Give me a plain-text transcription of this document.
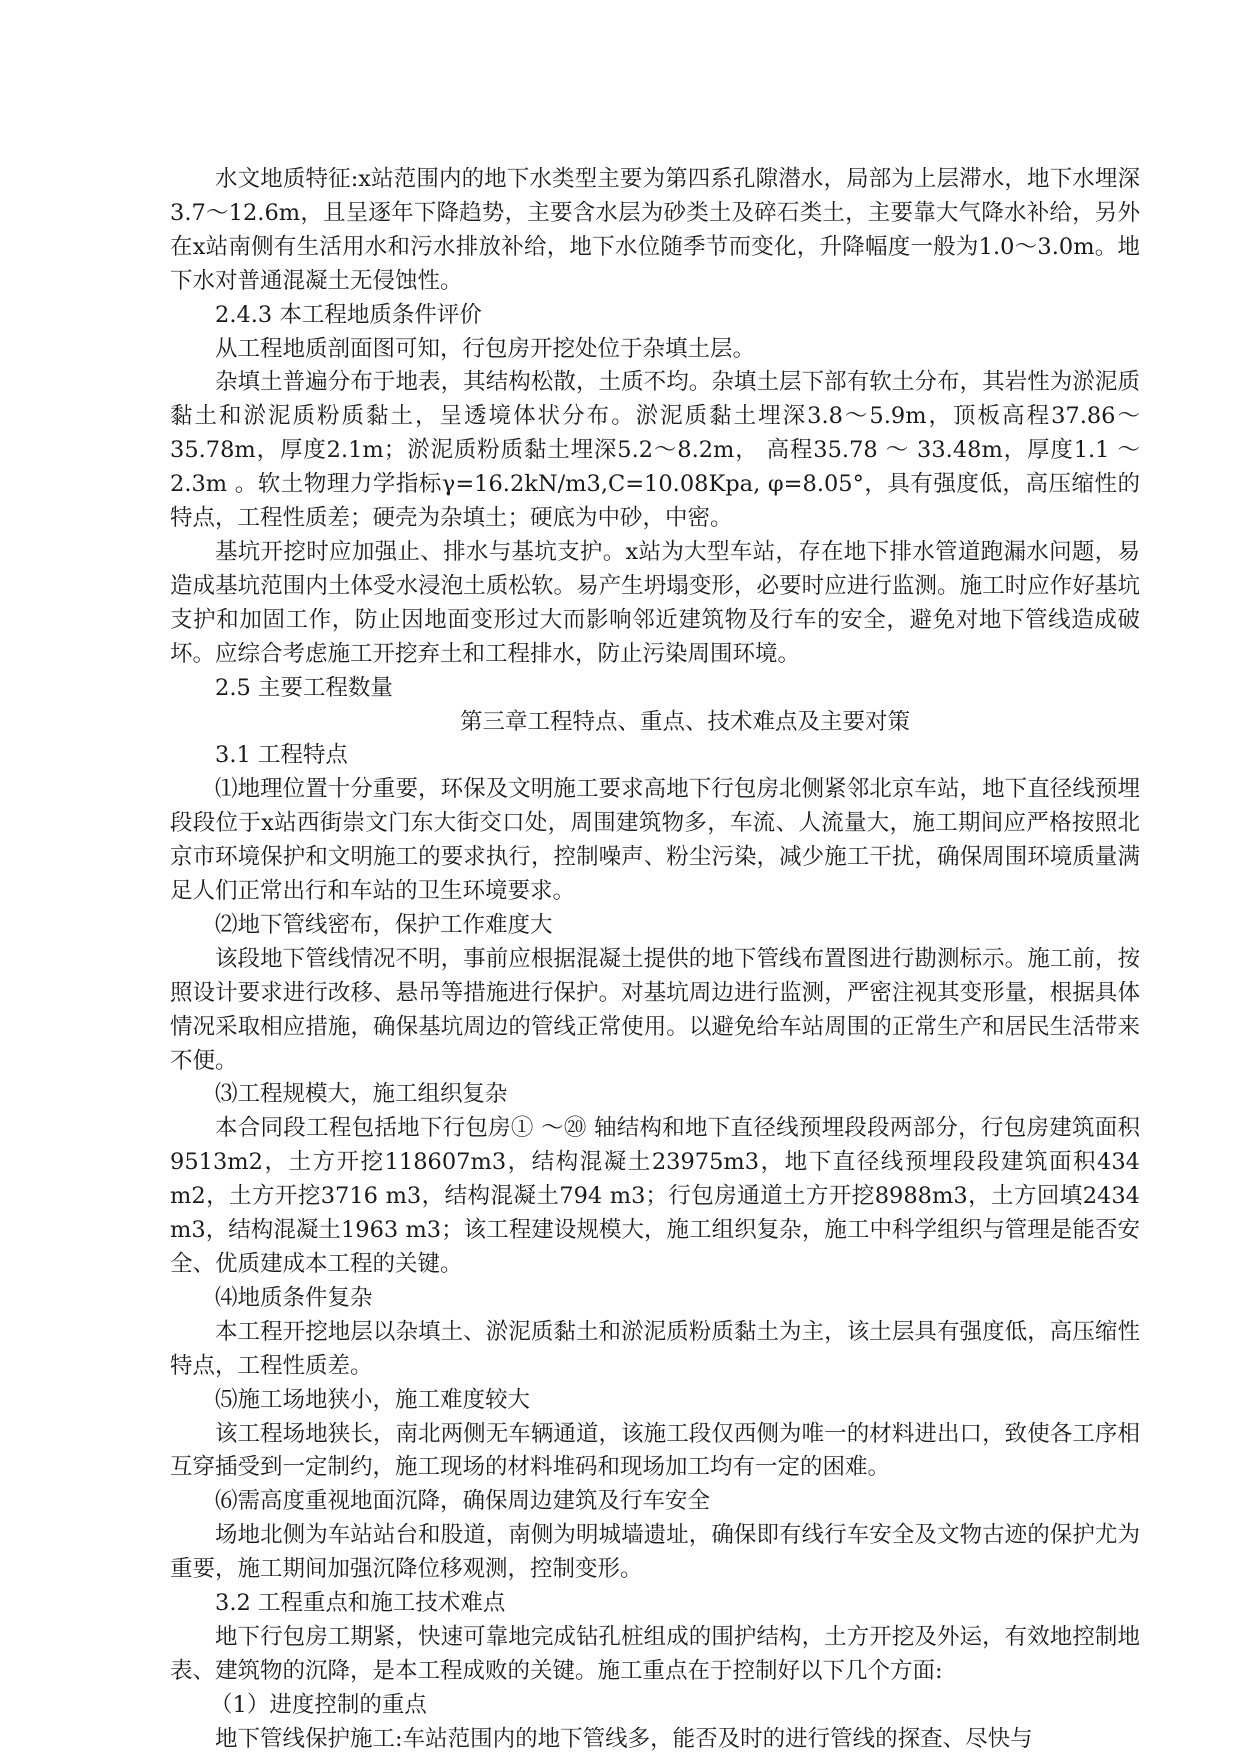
水文地质特征:x站范围内的地下水类型主要为第四系孔隙潜水，局部为上层滞水，地下水埋深3.7～12.6m，且呈逐年下降趋势，主要含水层为砂类土及碎石类土，主要靠大气降水补给，另外在x站南侧有生活用水和污水排放补给，地下水位随季节而变化，升降幅度一般为1.0～3.0m。地下水对普通混凝土无侵蚀性。

2.4.3 本工程地质条件评价

从工程地质剖面图可知，行包房开挖处位于杂填土层。

杂填土普遍分布于地表，其结构松散，土质不均。杂填土层下部有软土分布，其岩性为淤泥质黏土和淤泥质粉质黏土，呈透境体状分布。淤泥质黏土埋深3.8～5.9m，顶板高程37.86～35.78m，厚度2.1m；淤泥质粉质黏土埋深5.2～8.2m， 高程35.78 ～ 33.48m，厚度1.1 ～ 2.3m 。软土物理力学指标γ=16.2kN/m3,C=10.08Kpa, φ=8.05°，具有强度低，高压缩性的特点，工程性质差；硬壳为杂填土；硬底为中砂，中密。

基坑开挖时应加强止、排水与基坑支护。x站为大型车站，存在地下排水管道跑漏水问题，易造成基坑范围内土体受水浸泡土质松软。易产生坍塌变形，必要时应进行监测。施工时应作好基坑支护和加固工作，防止因地面变形过大而影响邻近建筑物及行车的安全，避免对地下管线造成破坏。应综合考虑施工开挖弃土和工程排水，防止污染周围环境。

2.5 主要工程数量

第三章工程特点、重点、技术难点及主要对策

3.1 工程特点

⑴地理位置十分重要，环保及文明施工要求高地下行包房北侧紧邻北京车站，地下直径线预埋段段位于x站西街崇文门东大街交口处，周围建筑物多，车流、人流量大，施工期间应严格按照北京市环境保护和文明施工的要求执行，控制噪声、粉尘污染，减少施工干扰，确保周围环境质量满足人们正常出行和车站的卫生环境要求。

⑵地下管线密布，保护工作难度大

该段地下管线情况不明，事前应根据混凝土提供的地下管线布置图进行勘测标示。施工前，按照设计要求进行改移、悬吊等措施进行保护。对基坑周边进行监测，严密注视其变形量，根据具体情况采取相应措施，确保基坑周边的管线正常使用。以避免给车站周围的正常生产和居民生活带来不便。

⑶工程规模大，施工组织复杂

本合同段工程包括地下行包房① ～⑳ 轴结构和地下直径线预埋段段两部分，行包房建筑面积9513m2，土方开挖118607m3，结构混凝土23975m3，地下直径线预埋段段建筑面积434 m2，土方开挖3716 m3，结构混凝土794 m3；行包房通道土方开挖8988m3，土方回填2434 m3，结构混凝土1963 m3；该工程建设规模大，施工组织复杂，施工中科学组织与管理是能否安全、优质建成本工程的关键。

⑷地质条件复杂

本工程开挖地层以杂填土、淤泥质黏土和淤泥质粉质黏土为主，该土层具有强度低，高压缩性特点，工程性质差。

⑸施工场地狭小，施工难度较大

该工程场地狭长，南北两侧无车辆通道，该施工段仅西侧为唯一的材料进出口，致使各工序相互穿插受到一定制约，施工现场的材料堆码和现场加工均有一定的困难。

⑹需高度重视地面沉降，确保周边建筑及行车安全

场地北侧为车站站台和股道，南侧为明城墙遗址，确保即有线行车安全及文物古迹的保护尤为重要，施工期间加强沉降位移观测，控制变形。

3.2 工程重点和施工技术难点

地下行包房工期紧，快速可靠地完成钻孔桩组成的围护结构，土方开挖及外运，有效地控制地表、建筑物的沉降，是本工程成败的关键。施工重点在于控制好以下几个方面:

（1）进度控制的重点

地下管线保护施工:车站范围内的地下管线多，能否及时的进行管线的探查、尽快与
